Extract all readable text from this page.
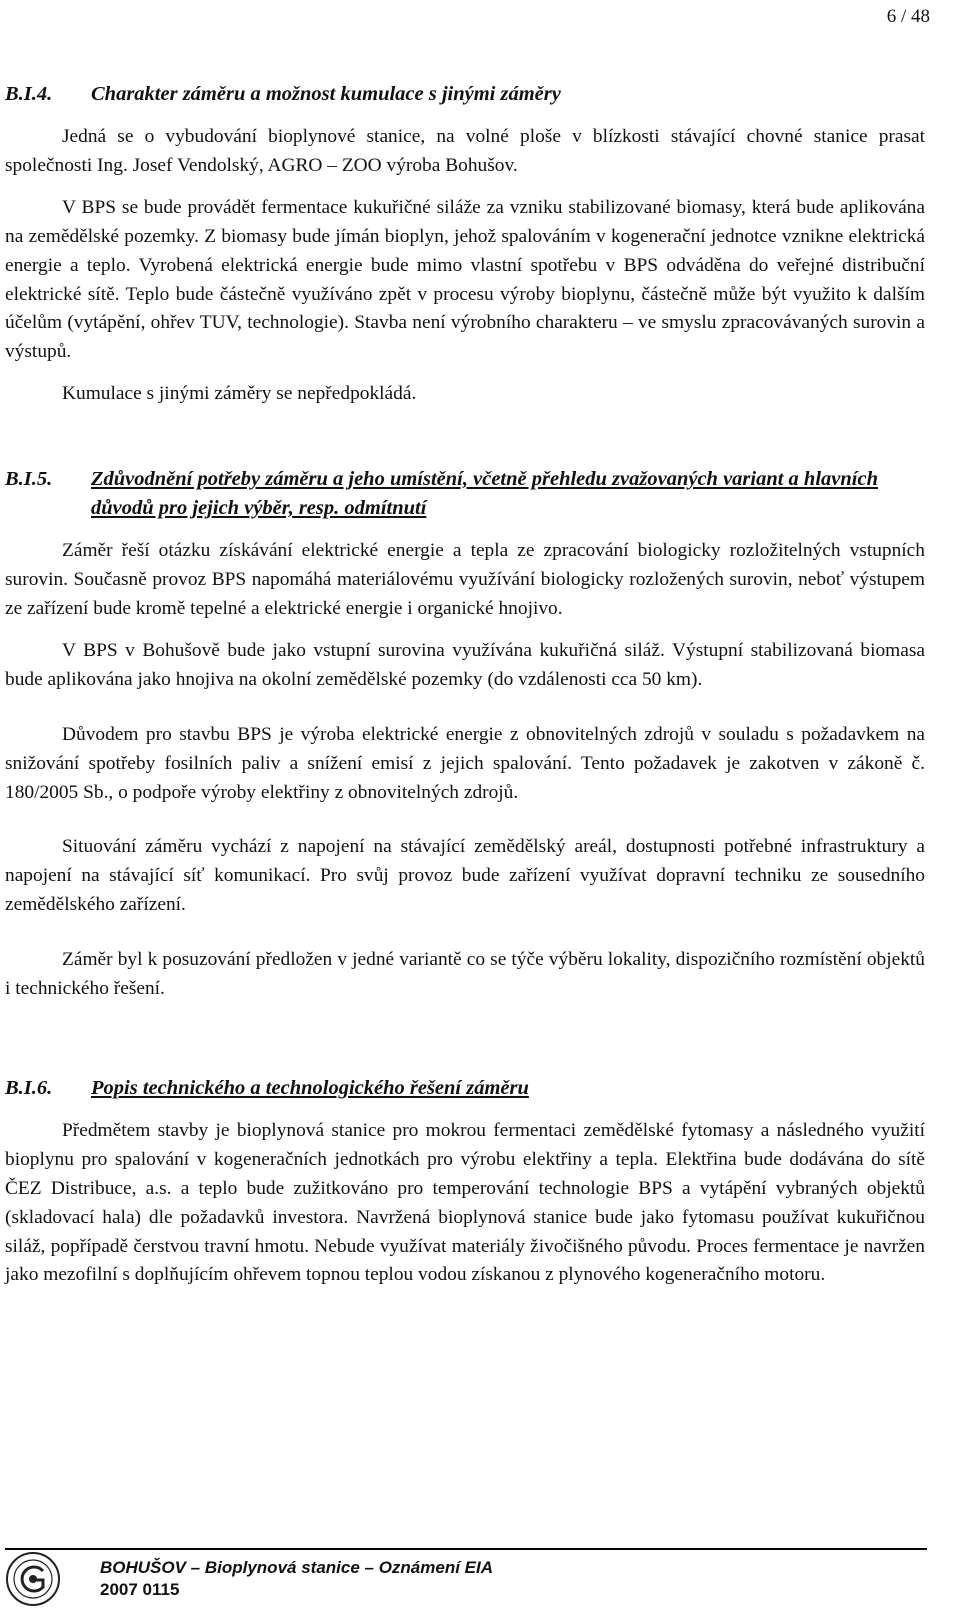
6 / 48
B.I.4.	Charakter záměru a možnost kumulace s jinými záměry

Jedná se o vybudování bioplynové stanice, na volné ploše v blízkosti stávající chovné stanice prasat společnosti Ing. Josef Vendolský, AGRO – ZOO výroba Bohušov.

V BPS se bude provádět fermentace kukuřičné siláže za vzniku stabilizované biomasy, která bude aplikována na zemědělské pozemky. Z biomasy bude jímán bioplyn, jehož spalováním v kogenerační jednotce vznikne elektrická energie a teplo. Vyrobená elektrická energie bude mimo vlastní spotřebu v BPS odváděna do veřejné distribuční elektrické sítě. Teplo bude částečně využíváno zpět v procesu výroby bioplynu, částečně může být využito k dalším účelům (vytápění, ohřev TUV, technologie). Stavba není výrobního charakteru – ve smyslu zpracovávaných surovin a výstupů.

Kumulace s jinými záměry se nepředpokládá.

B.I.5.	Zdůvodnění potřeby záměru a jeho umístění, včetně přehledu zvažovaných variant a hlavních důvodů pro jejich výběr, resp. odmítnutí

Záměr řeší otázku získávání elektrické energie a tepla ze zpracování biologicky rozložitelných vstupních surovin. Současně provoz BPS napomáhá materiálovému využívání biologicky rozložených surovin, neboť výstupem ze zařízení bude kromě tepelné a elektrické energie i organické hnojivo.

V BPS v Bohušově bude jako vstupní surovina využívána kukuřičná siláž. Výstupní stabilizovaná biomasa bude aplikována jako hnojiva na okolní zemědělské pozemky (do vzdálenosti cca 50 km).

Důvodem pro stavbu BPS je výroba elektrické energie z obnovitelných zdrojů v souladu s požadavkem na snižování spotřeby fosilních paliv a snížení emisí z jejich spalování. Tento požadavek je zakotven v zákoně č. 180/2005 Sb., o podpoře výroby elektřiny z obnovitelných zdrojů.

Situování záměru vychází z napojení na stávající zemědělský areál, dostupnosti potřebné infrastruktury a napojení na stávající síť komunikací. Pro svůj provoz bude zařízení využívat dopravní techniku ze sousedního zemědělského zařízení.

Záměr byl k posuzování předložen v jedné variantě co se týče výběru lokality, dispozičního rozmístění objektů i technického řešení.

B.I.6.	Popis technického a technologického řešení záměru

Předmětem stavby je bioplynová stanice pro mokrou fermentaci zemědělské fytomasy a následného využití bioplynu pro spalování v kogeneračních jednotkách pro výrobu elektřiny a tepla. Elektřina bude dodávána do sítě ČEZ Distribuce, a.s. a teplo bude zužitkováno pro temperování technologie BPS a vytápění vybraných objektů (skladovací hala) dle požadavků investora. Navržená bioplynová stanice bude jako fytomasu používat kukuřičnou siláž, popřípadě čerstvou travní hmotu. Nebude využívat materiály živočišného původu. Proces fermentace je navržen jako mezofilní s doplňujícím ohřevem topnou teplou vodou získanou z plynového kogeneračního motoru.

BOHUŠOV – Bioplynová stanice – Oznámení EIA
2007 0115
